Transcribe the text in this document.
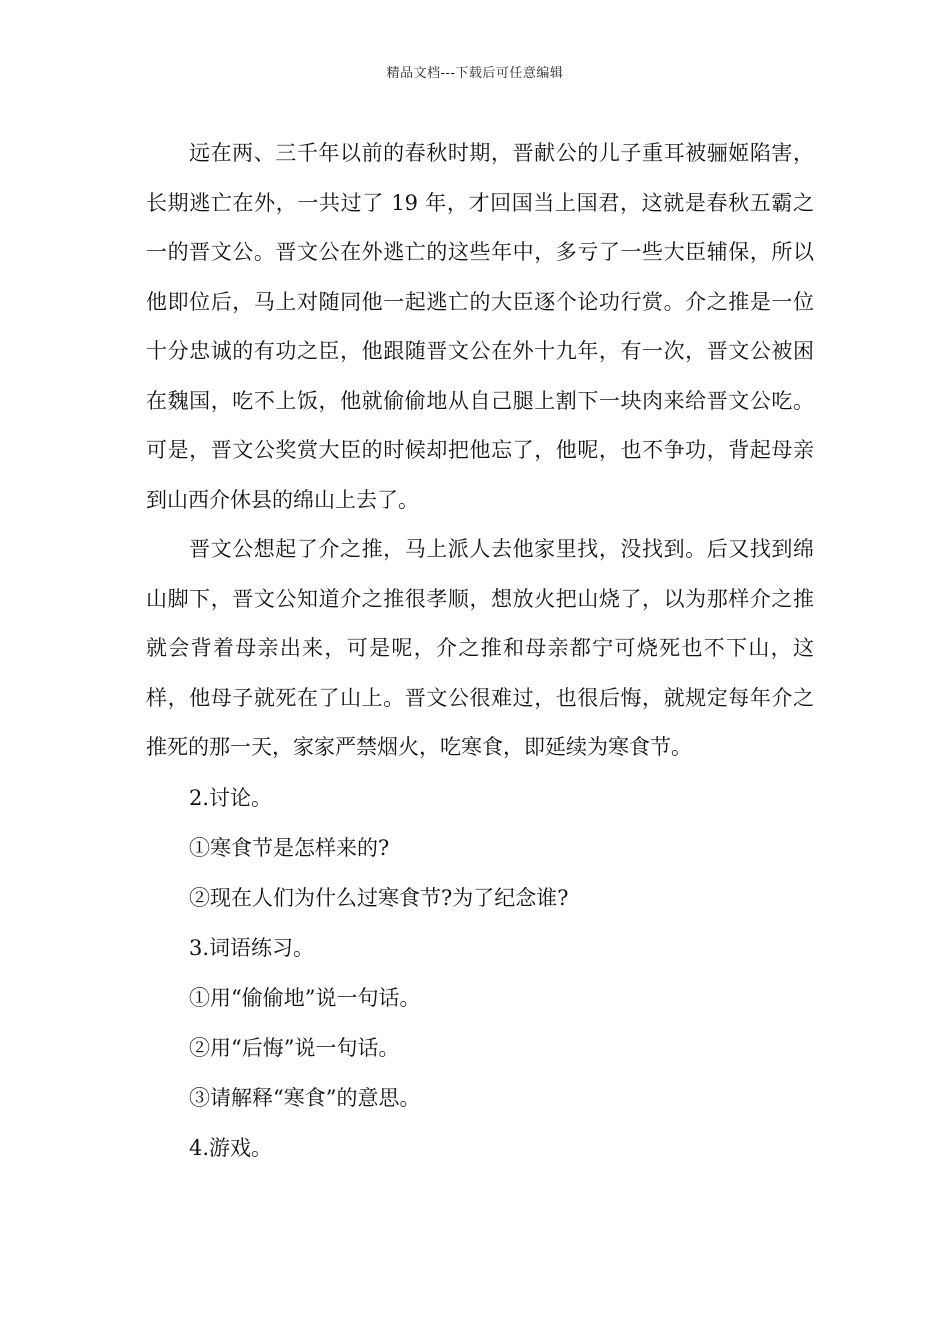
精品文档---下载后可任意编辑

远在两、三千年以前的春秋时期，晋献公的儿子重耳被骊姬陷害，长期逃亡在外，一共过了 19 年，才回国当上国君，这就是春秋五霸之一的晋文公。晋文公在外逃亡的这些年中，多亏了一些大臣辅保，所以他即位后，马上对随同他一起逃亡的大臣逐个论功行赏。介之推是一位十分忠诚的有功之臣，他跟随晋文公在外十九年，有一次，晋文公被困在魏国，吃不上饭，他就偷偷地从自己腿上割下一块肉来给晋文公吃。可是，晋文公奖赏大臣的时候却把他忘了，他呢，也不争功，背起母亲到山西介休县的绵山上去了。

晋文公想起了介之推，马上派人去他家里找，没找到。后又找到绵山脚下，晋文公知道介之推很孝顺，想放火把山烧了，以为那样介之推就会背着母亲出来，可是呢，介之推和母亲都宁可烧死也不下山，这样，他母子就死在了山上。晋文公很难过，也很后悔，就规定每年介之推死的那一天，家家严禁烟火，吃寒食，即延续为寒食节。

2.讨论。

①寒食节是怎样来的?

②现在人们为什么过寒食节?为了纪念谁?

3.词语练习。

①用“偷偷地”说一句话。

②用“后悔”说一句话。

③请解释“寒食”的意思。

4.游戏。
